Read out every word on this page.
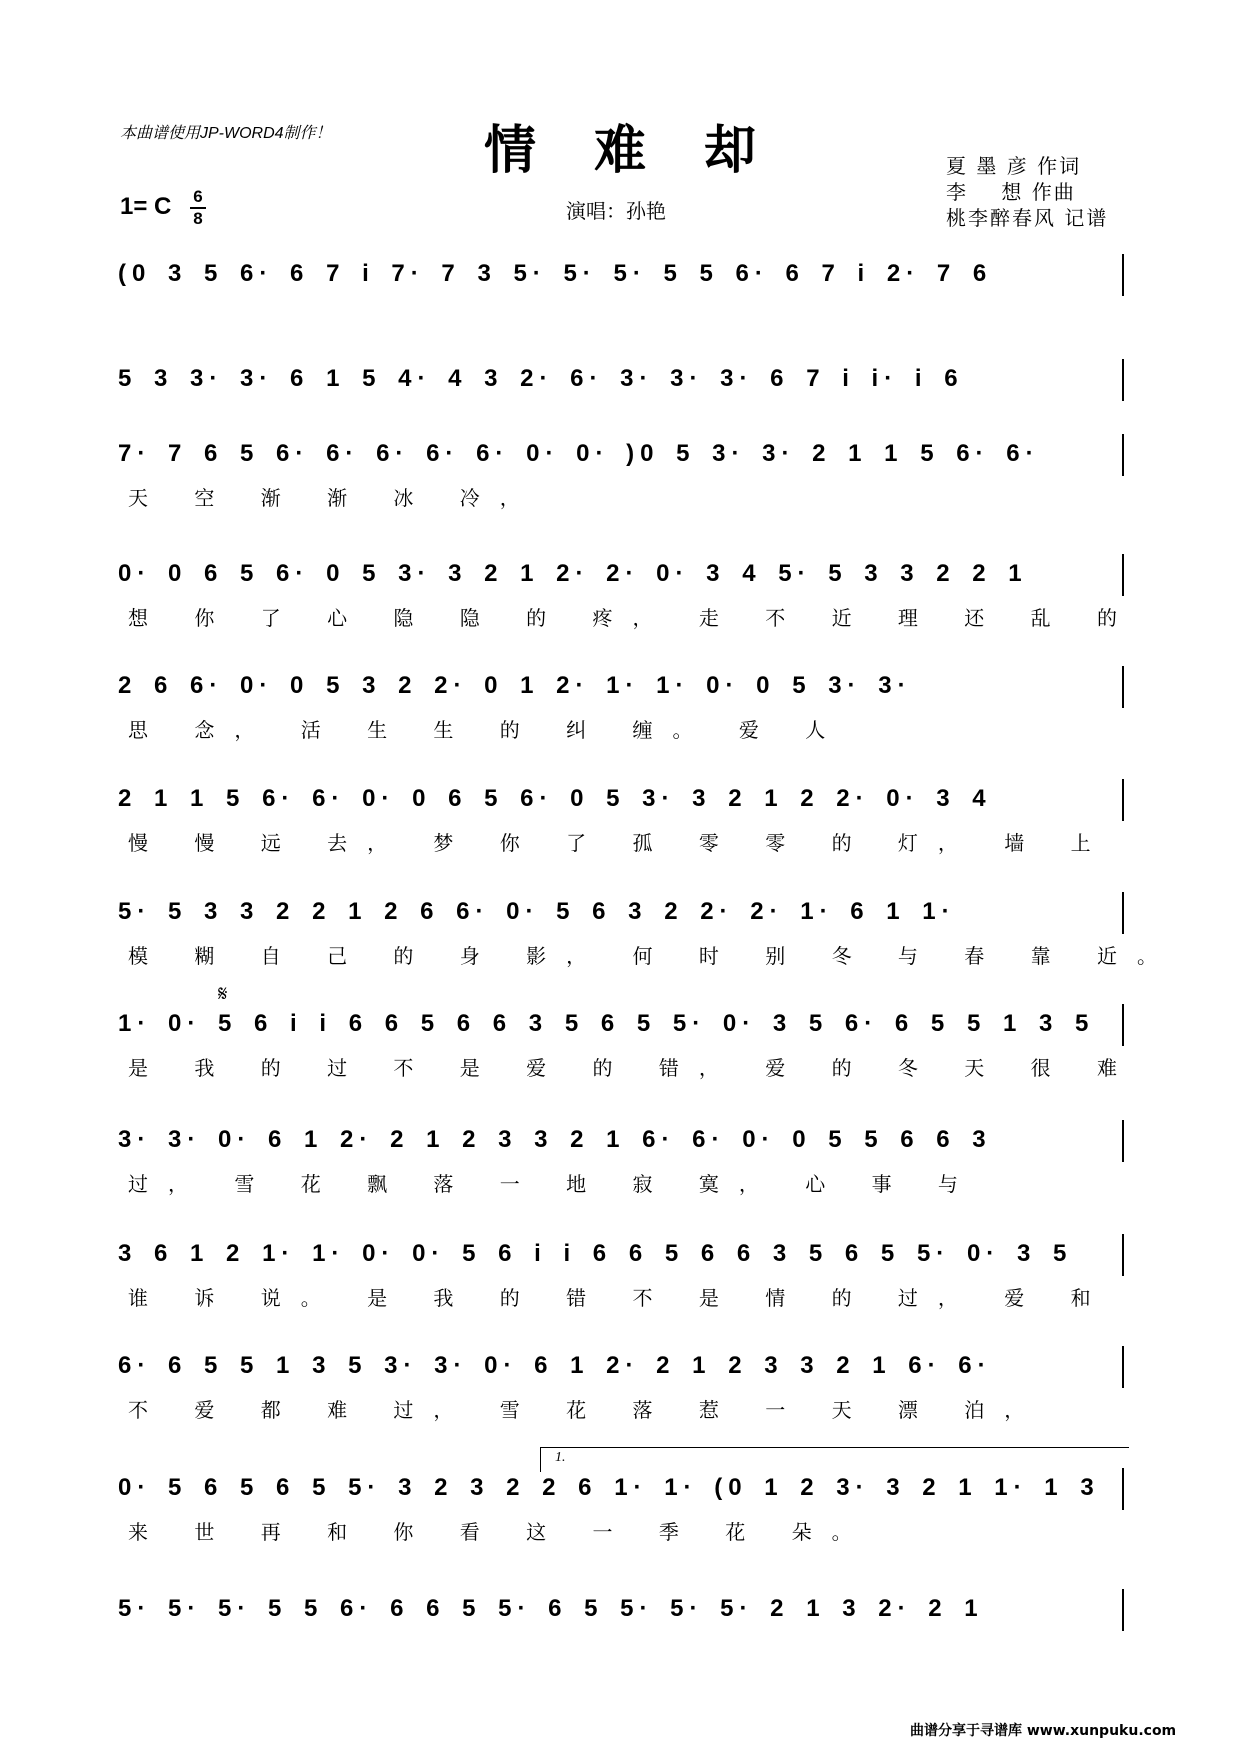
本曲谱使用JP-WORD4制作！	情难却
1= C 6
8	演唱：孙艳
夏 墨 彦 作词
李    想 作曲
桃李醉春风 记谱
(0 3 5 6· 6 7 i 7· 7 3 5· 5· 5· 5 5 6· 6 7 i 2· 7 6
5 3 3· 3· 6 1 5 4· 4 3 2· 6· 3· 3· 3· 6 7 i i· i 6
7· 7 6 5 6· 6· 6· 6· 6· 0· 0· )0 5 3· 3· 2 1 1 5 6· 6·
天 空 渐 渐 冰 冷，
0· 0 6 5 6· 0 5 3· 3 2 1 2· 2· 0· 3 4 5· 5 3 3 2 2 1
想 你 了 心 隐 隐 的 疼， 走 不 近 理 还 乱 的
2 6 6· 0· 0 5 3 2 2· 0 1 2· 1· 1· 0· 0 5 3· 3·
思 念， 活 生 生 的 纠 缠。 爱 人
2 1 1 5 6· 6· 0· 0 6 5 6· 0 5 3· 3 2 1 2 2· 0· 3 4
慢 慢 远 去， 梦 你 了 孤 零 零 的 灯， 墙 上
5· 5 3 3 2 2 1 2 6 6· 0· 5 6 3 2 2· 2· 1· 6 1 1·
模 糊 自 己 的 身 影， 何 时 别 冬 与 春 靠 近。
1· 0· 5 6 i i 6 6 5 6 6 3 5 6 5 5· 0· 3 5 6· 6 5 5 1 3 5
是 我 的 过 不 是 爱 的 错， 爱 的 冬 天 很 难
3· 3· 0· 6 1 2· 2 1 2 3 3 2 1 6· 6· 0· 0 5 5 6 6 3
过， 雪 花 飘 落 一 地 寂 寞， 心 事 与
3 6 1 2 1· 1· 0· 0· 5 6 i i 6 6 5 6 6 3 5 6 5 5· 0· 3 5
谁 诉 说。 是 我 的 错 不 是 情 的 过， 爱 和
6· 6 5 5 1 3 5 3· 3· 0· 6 1 2· 2 1 2 3 3 2 1 6· 6·
不 爱 都 难 过， 雪 花 落 惹 一 天 漂 泊，
0· 5 6 5 6 5 5· 3 2 3 2 2 6 1· 1· (0 1 2 3· 3 2 1 1· 1 3
来 世 再 和 你 看 这 一 季 花 朵。
5· 5· 5· 5 5 6· 6 6 5 5· 6 5 5· 5· 5· 2 1 3 2· 2 1
𝄋
1.
曲谱分享于寻谱库 www.xunpuku.com
